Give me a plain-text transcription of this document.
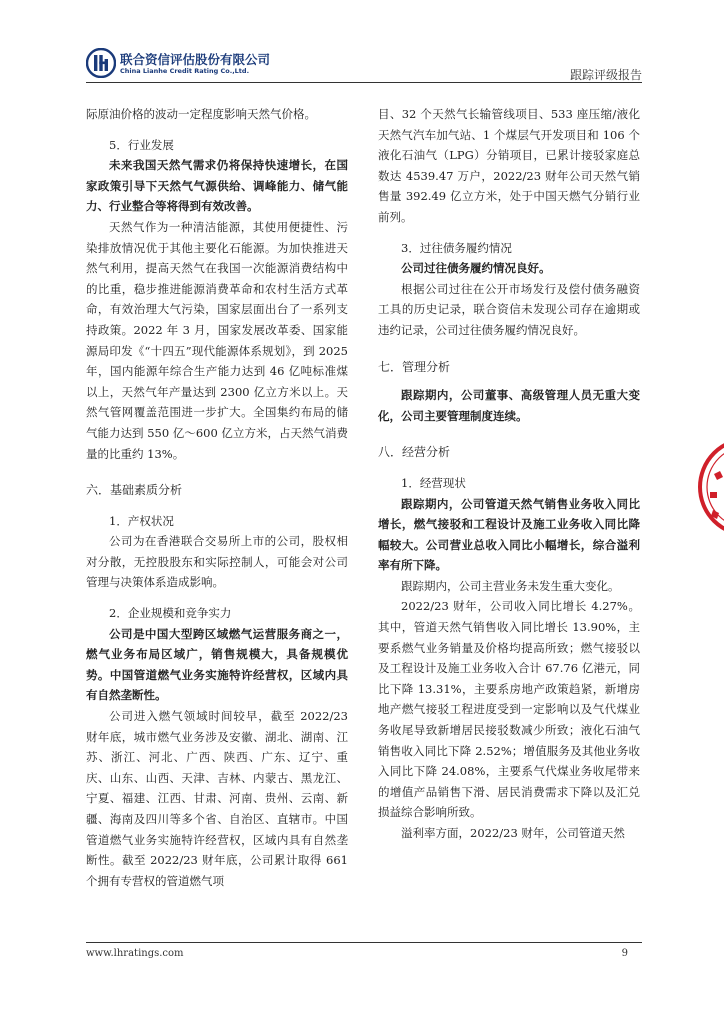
联合资信评估股份有限公司
China Lianhe Credit Rating Co.,Ltd.	跟踪评级报告

际原油价格的波动一定程度影响天然气价格。

5．行业发展

未来我国天然气需求仍将保持快速增长，在国家政策引导下天然气气源供给、调峰能力、储气能力、行业整合等将得到有效改善。

天然气作为一种清洁能源，其使用便捷性、污染排放情况优于其他主要化石能源。为加快推进天然气利用，提高天然气在我国一次能源消费结构中的比重，稳步推进能源消费革命和农村生活方式革命，有效治理大气污染，国家层面出台了一系列支持政策。2022 年 3 月，国家发展改革委、国家能源局印发《“十四五”现代能源体系规划》，到 2025 年，国内能源年综合生产能力达到 46 亿吨标准煤以上，天然气年产量达到 2300 亿立方米以上。天然气管网覆盖范围进一步扩大。全国集约布局的储气能力达到 550 亿～600 亿立方米，占天然气消费量的比重约 13%。

六．基础素质分析

1．产权状况

公司为在香港联合交易所上市的公司，股权相对分散，无控股股东和实际控制人，可能会对公司管理与决策体系造成影响。

2．企业规模和竞争实力

公司是中国大型跨区域燃气运营服务商之一，燃气业务布局区域广，销售规模大，具备规模优势。中国管道燃气业务实施特许经营权，区域内具有自然垄断性。

公司进入燃气领域时间较早，截至 2022/23 财年底，城市燃气业务涉及安徽、湖北、湖南、江苏、浙江、河北、广西、陕西、广东、辽宁、重庆、山东、山西、天津、吉林、内蒙古、黑龙江、宁夏、福建、江西、甘肃、河南、贵州、云南、新疆、海南及四川等多个省、自治区、直辖市。中国管道燃气业务实施特许经营权，区域内具有自然垄断性。截至 2022/23 财年底，公司累计取得 661 个拥有专营权的管道燃气项

目、32 个天然气长输管线项目、533 座压缩/液化天然气汽车加气站、1 个煤层气开发项目和 106 个液化石油气（LPG）分销项目，已累计接驳家庭总数达 4539.47 万户，2022/23 财年公司天然气销售量 392.49 亿立方米，处于中国天燃气分销行业前列。

3．过往债务履约情况

公司过往债务履约情况良好。

根据公司过往在公开市场发行及偿付债务融资工具的历史记录，联合资信未发现公司存在逾期或违约记录，公司过往债务履约情况良好。

七．管理分析

跟踪期内，公司董事、高级管理人员无重大变化，公司主要管理制度连续。

八．经营分析

1．经营现状

跟踪期内，公司管道天然气销售业务收入同比增长，燃气接驳和工程设计及施工业务收入同比降幅较大。公司营业总收入同比小幅增长，综合溢利率有所下降。

跟踪期内，公司主营业务未发生重大变化。

2022/23 财年，公司收入同比增长 4.27%。其中，管道天然气销售收入同比增长 13.90%，主要系燃气业务销量及价格均提高所致；燃气接驳以及工程设计及施工业务收入合计 67.76 亿港元，同比下降 13.31%，主要系房地产政策趋紧，新增房地产燃气接驳工程进度受到一定影响以及气代煤业务收尾导致新增居民接驳数减少所致；液化石油气销售收入同比下降 2.52%；增值服务及其他业务收入同比下降 24.08%，主要系气代煤业务收尾带来的增值产品销售下滑、居民消费需求下降以及汇兑损益综合影响所致。

溢利率方面，2022/23 财年，公司管道天然

www.lhratings.com	9
